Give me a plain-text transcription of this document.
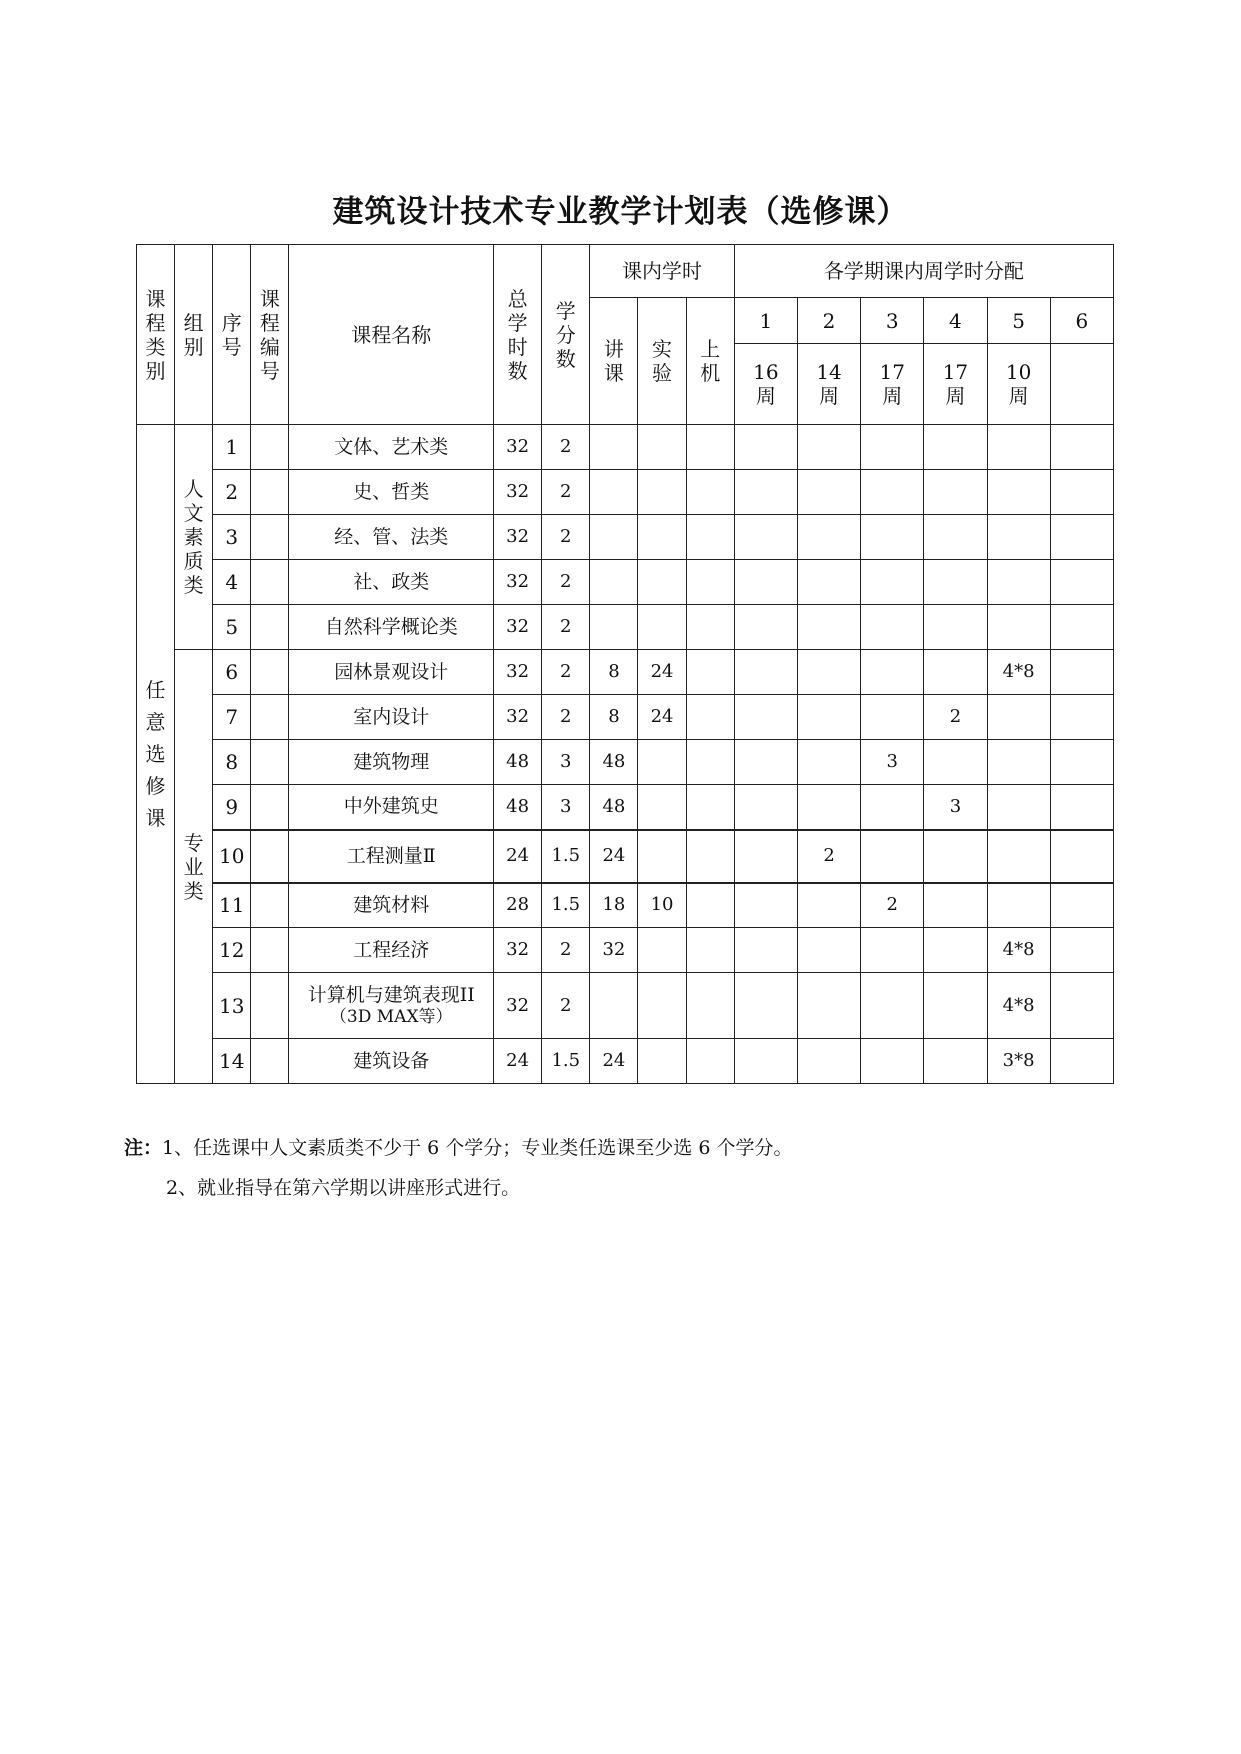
建筑设计技术专业教学计划表（选修课）
课程类别	组别	序号	课程编号	课程名称	总学时数	学分数	课内学时			各学期课内周学时分配					

							讲课	实验	上机	1	2	3	4	5	6

										16周	14周	17周	17周	10周	

任意选修课	人文素质类	1		文体、艺术类	32	2									
		2		史、哲类	32	2									
		3		经、管、法类	32	2									
		4		社、政类	32	2									
		5		自然科学概论类	32	2									

	专业类	6		园林景观设计	32	2	8	24						4*8	
		7		室内设计	32	2	8	24					2		
		8		建筑物理	48	3	48					3			
		9		中外建筑史	48	3	48						3		
		10		工程测量Ⅱ	24	1.5	24				2				
		11		建筑材料	28	1.5	18	10				2			
		12		工程经济	32	2	32							4*8	
		13		计算机与建筑表现II
（3D MAX等）	32	2								4*8	
		14		建筑设备	24	1.5	24							3*8	
注：1、任选课中人文素质类不少于 6 个学分；专业类任选课至少选 6 个学分。
2、就业指导在第六学期以讲座形式进行。
